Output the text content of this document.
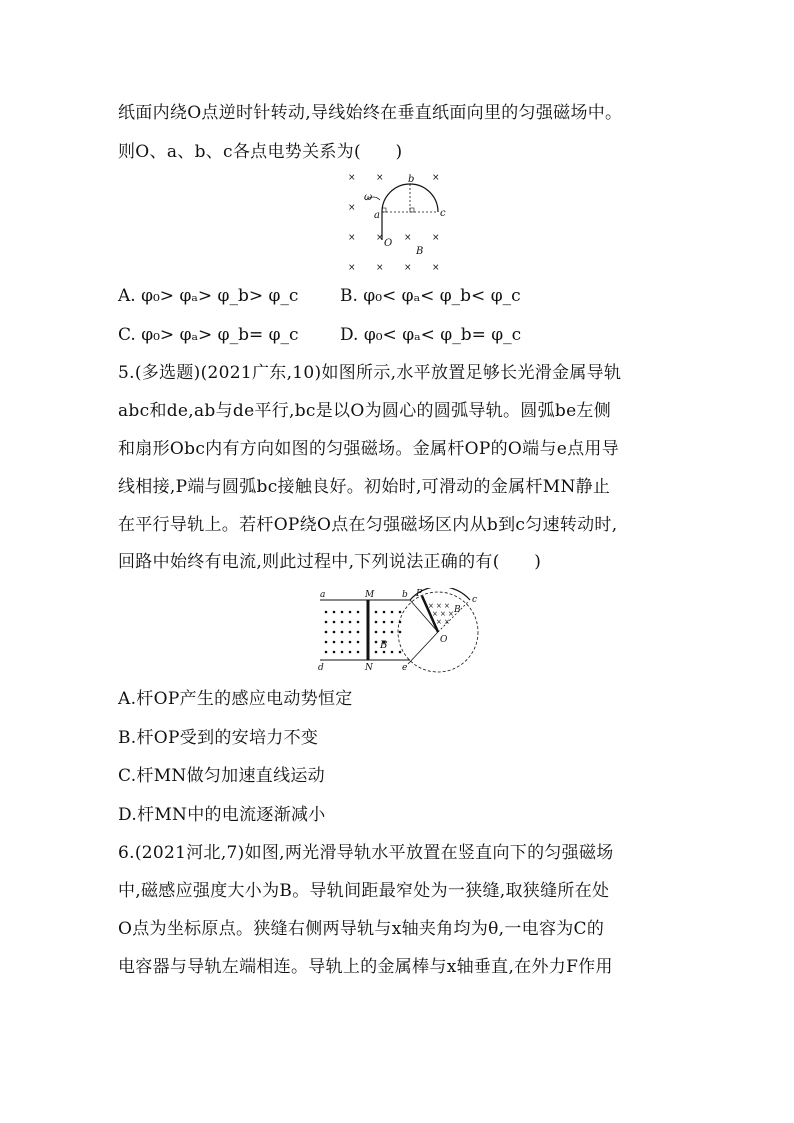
纸面内绕O点逆时针转动,导线始终在垂直纸面向里的匀强磁场中。
则O、a、b、c各点电势关系为(　　)
× ×	×
×
× × × ×
× × × ×
ω
a
b
c
O
B
A. φ₀> φₐ> φ_b> φ_c B. φ₀< φₐ< φ_b< φ_c
C. φ₀> φₐ> φ_b= φ_c D. φ₀< φₐ< φ_b= φ_c
5.(多选题)(2021广东,10)如图所示,水平放置足够长光滑金属导轨
abc和de,ab与de平行,bc是以O为圆心的圆弧导轨。圆弧be左侧
和扇形Obc内有方向如图的匀强磁场。金属杆OP的O端与e点用导
线相接,P端与圆弧bc接触良好。初始时,可滑动的金属杆MN静止
在平行导轨上。若杆OP绕O点在匀强磁场区内从b到c匀速转动时,
回路中始终有电流,则此过程中,下列说法正确的有(　　)
× × ×
× × ×
× ×
a	M	b P
c
B
B	O
d	N	e
A.杆OP产生的感应电动势恒定
B.杆OP受到的安培力不变
C.杆MN做匀加速直线运动
D.杆MN中的电流逐渐减小
6.(2021河北,7)如图,两光滑导轨水平放置在竖直向下的匀强磁场
中,磁感应强度大小为B。导轨间距最窄处为一狭缝,取狭缝所在处
O点为坐标原点。狭缝右侧两导轨与x轴夹角均为θ,一电容为C的
电容器与导轨左端相连。导轨上的金属棒与x轴垂直,在外力F作用
